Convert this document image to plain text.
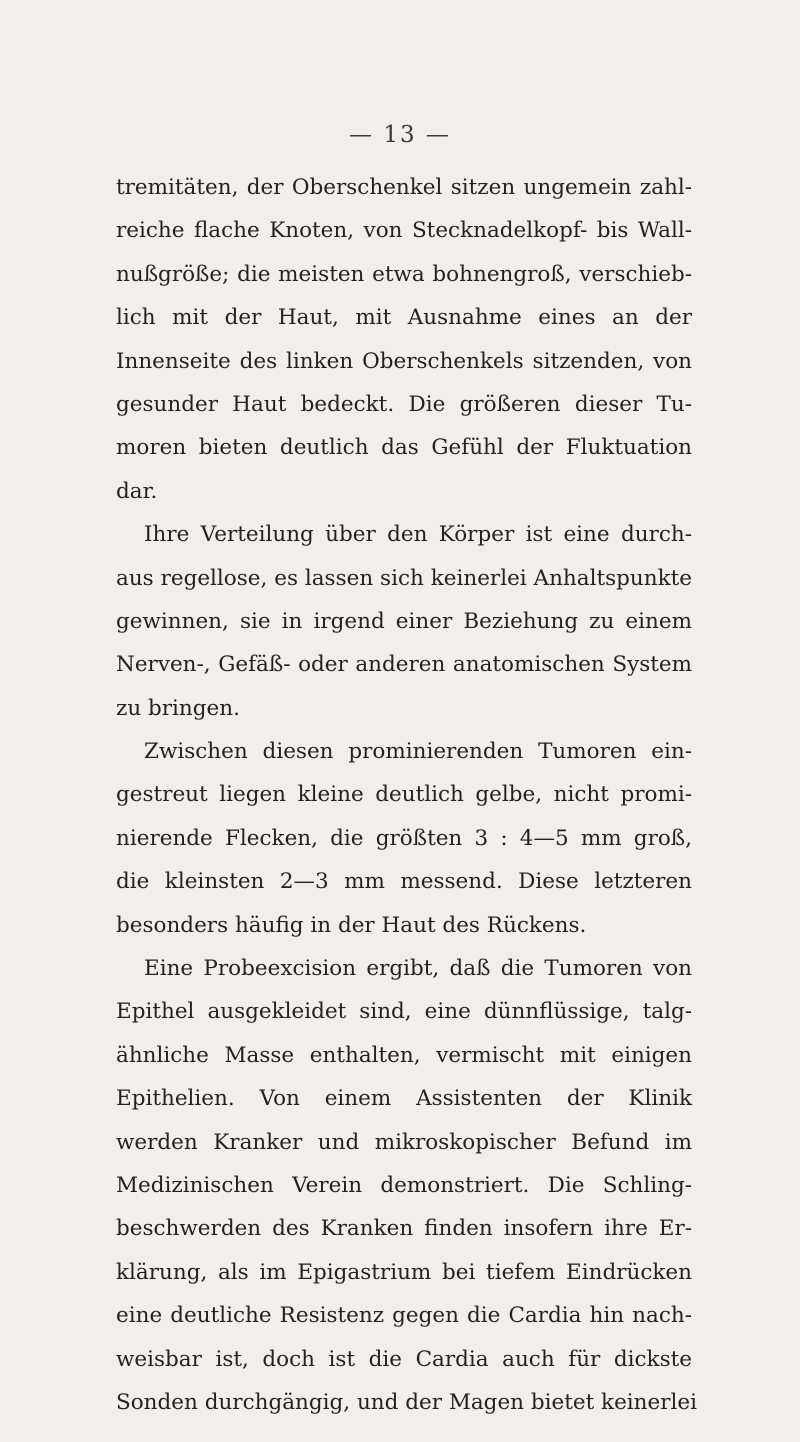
— 13 —
tremitäten, der Oberschenkel sitzen ungemein zahl-
reiche flache Knoten, von Stecknadelkopf- bis Wall-
nußgröße; die meisten etwa bohnengroß, verschieb-
lich mit der Haut, mit Ausnahme eines an der
Innenseite des linken Oberschenkels sitzenden, von
gesunder Haut bedeckt. Die größeren dieser Tu-
moren bieten deutlich das Gefühl der Fluktuation
dar.
Ihre Verteilung über den Körper ist eine durch-
aus regellose, es lassen sich keinerlei Anhaltspunkte
gewinnen, sie in irgend einer Beziehung zu einem
Nerven-, Gefäß- oder anderen anatomischen System
zu bringen.
Zwischen diesen prominierenden Tumoren ein-
gestreut liegen kleine deutlich gelbe, nicht promi-
nierende Flecken, die größten 3 : 4—5 mm groß,
die kleinsten 2—3 mm messend. Diese letzteren
besonders häufig in der Haut des Rückens.
Eine Probeexcision ergibt, daß die Tumoren von
Epithel ausgekleidet sind, eine dünnflüssige, talg-
ähnliche Masse enthalten, vermischt mit einigen
Epithelien. Von einem Assistenten der Klinik
werden Kranker und mikroskopischer Befund im
Medizinischen Verein demonstriert. Die Schling-
beschwerden des Kranken finden insofern ihre Er-
klärung, als im Epigastrium bei tiefem Eindrücken
eine deutliche Resistenz gegen die Cardia hin nach-
weisbar ist, doch ist die Cardia auch für dickste
Sonden durchgängig, und der Magen bietet keinerlei
